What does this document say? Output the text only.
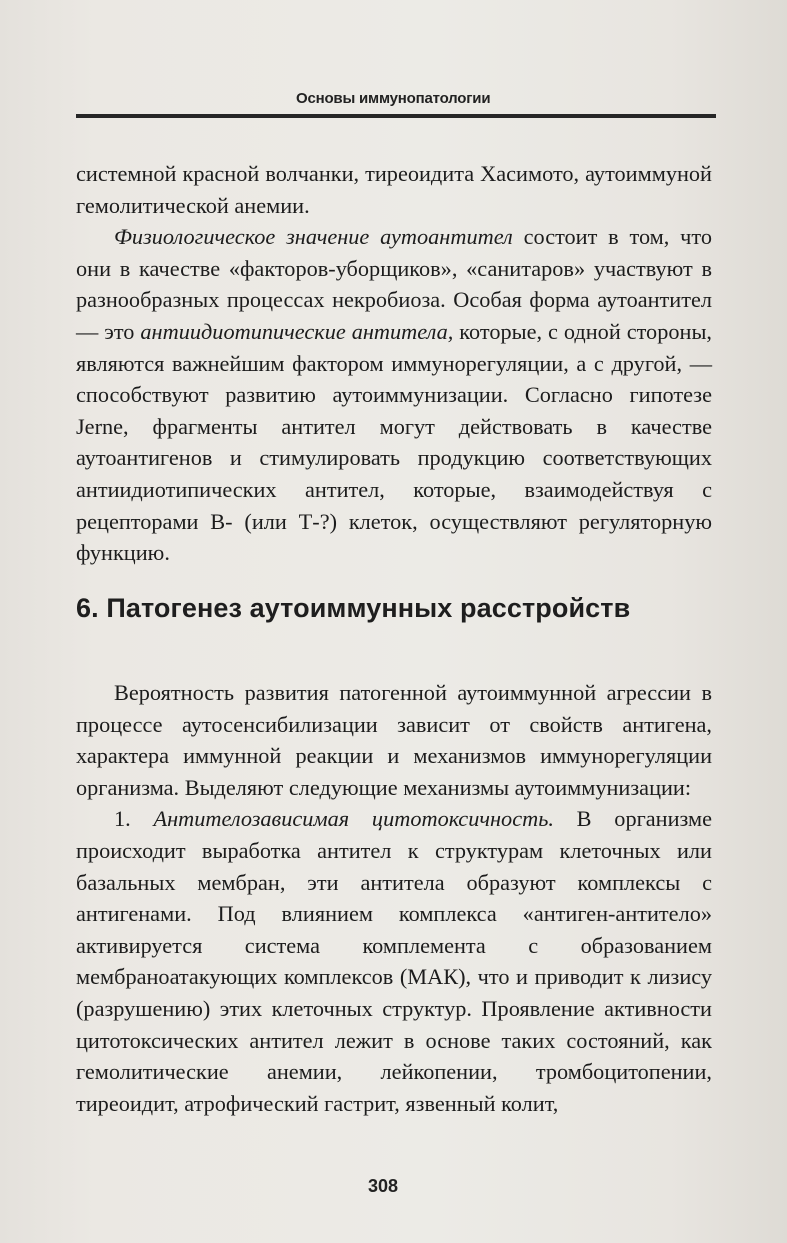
Основы иммунопатологии

системной красной волчанки, тиреоидита Хасимото, аутоиммуной гемолитической анемии.

Физиологическое значение аутоантител состоит в том, что они в качестве «факторов-уборщиков», «санитаров» участвуют в разнообразных процессах некробиоза. Особая форма аутоантител — это антиидиотипические антитела, которые, с одной стороны, являются важнейшим фактором иммунорегуляции, а с другой, — способствуют развитию аутоиммунизации. Согласно гипотезе Jerne, фрагменты антител могут действовать в качестве аутоантигенов и стимулировать продукцию соответствующих антиидиотипических антител, которые, взаимодействуя с рецепторами В- (или Т-?) клеток, осуществляют регуляторную функцию.

6. Патогенез аутоиммунных расстройств

Вероятность развития патогенной аутоиммунной агрессии в процессе аутосенсибилизации зависит от свойств антигена, характера иммунной реакции и механизмов иммунорегуляции организма. Выделяют следующие механизмы аутоиммунизации:

1. Антителозависимая цитотоксичность. В организме происходит выработка антител к структурам клеточных или базальных мембран, эти антитела образуют комплексы с антигенами. Под влиянием комплекса «антиген-антитело» активируется система комплемента с образованием мембраноатакующих комплексов (МАК), что и приводит к лизису (разрушению) этих клеточных структур. Проявление активности цитотоксических антител лежит в основе таких состояний, как гемолитические анемии, лейкопении, тромбоцитопении, тиреоидит, атрофический гастрит, язвенный колит,

308
